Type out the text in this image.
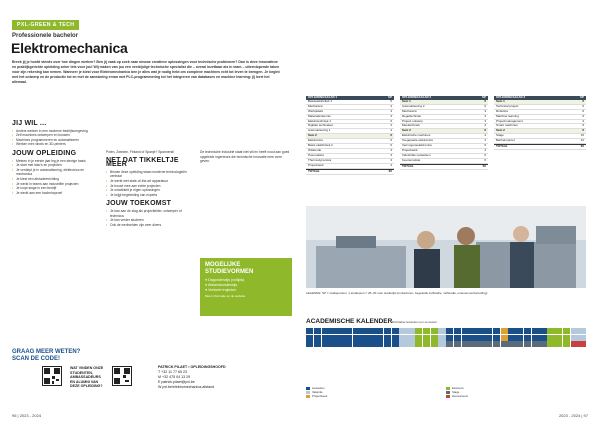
PXL-GREEN & TECH
Professionele bachelor
Elektromechanica
Breek jij je hoofd steeds over hoe dingen werken? Ben jij vaak op zoek naar nieuwe creatieve oplossingen voor technische problemen? Dan is deze innovatieve en praktijkgerichte opleiding zeker iets voor jou! Wij maken van jou een veelzijdige technische specialist die – overal inzetbaar als in team – uiteenlopende taken voor zijn rekening kan nemen. Wanneer je kiest voor Elektromechanica ben je alles wat je nodig hebt om complexe machines echt tot leven te brengen. Je begint met het ontwerp en de productie tot en met de aansturing ervan met PLC-programmering tot het integreren van databases en machine learning: jij leert het allemaal.
JIJ WIL ...
• Anders werken in een moderne bedrijfsomgeving
• Zelf machines ontwerpen en bouwen
• Machines programmeren en automatiseren
• Werken met robots en 3D-printers
JOUW OPLEIDING
• Meteen in je eerste jaar leg je een stevige basis
• Je start met labo's en projecten
• Je verdiept je in automatisering, elektronica en mechanica
• Je kiest een afstudeerrichting
• Je werkt in teams aan industriële projecten
• Je loopt stage in een bedrijf
• Je werkt aan een bachelorproef
Polen, Zweden, Finland of Spanje? Spannend!
NET DAT TIKKELTJE MEER
• Binnen deze opleiding staan moderne technologieën centraal
• Je werkt met state-of-the-art apparatuur
• Je bouwt mee aan echte projecten
• Je ontwikkelt je eigen oplossingen
• Je krijgt begeleiding van experts
JOUW TOEKOMST
• Je kan aan de slag als projectleider, ontwerper of technicus
• Je kan verder studeren
• Ook de werkvelden zijn zeer divers
De technische industrie staat niet stil en heeft nood aan goed opgeleide ingenieurs die technische innovatie mee vorm geven.
MOGELIJKE STUDIEVORMEN
● Dagonderwijs (voltijds)
● Afstandsonderwijs
● Verkorte trajecten
Meer informatie op de website
GRAAG MEER WETEN? SCAN DE CODE!
WAT VINDEN ONZE STUDENTEN, AMBASSADEURS EN ALUMNI VAN DEZE OPLEIDING?
PATRICK PILAET • OPLEIDINGSHOOFD
T +32 11 77 65 23
M +32 475 04 13 29
E patrick.pilaet@pxl.be
W pxl.be/elektromechanica-afstand
96 | 2023 - 2024	2023 - 2024 | 97
OPLEIDINGSJAAR 1	SP
Basiselektriciteit 1	6
Mechanica	3
Werkplaats	3
Materialenkennis	3
Elektrotechniek 1	6
Digitale technieken	4
Automatisering 1	4
Sem 2	6
Elektronica	6
Basis elektriciteit 2	6
Wiskunde	3
Pneumatica	3
Thermodynamica	3
Projectwerk	4
TOTAAL	60
OPLEIDINGSJAAR 2	SP
Sem 1	6
Automatisering 2	6
Mechanica	3
Regeltechniek	3
Project ontwerp	3
Meettechniek	4
Sem 2	6
Elektrische machines	4
Toegepaste elektronica	4
Vermogenselektronica	6
Projectwerk	4
Industriële netwerken	6
Keuzemodule	6
TOTAAL	60
OPLEIDINGSJAAR 3	SP
Sem 1	6
Technical project	6
Robotica	6
Machine learning	6
Projectmanagement	3
Smart machines	6
Sem 2	6
Stage	15
Bachelorproef	12
TOTAAL	60
LEGENDE: SP = studiepunten, 1 studiepunt = 25–30 uren studietijd (contacturen, begeleide zelfstudie, zelfstudie, examenvoorbereiding)
ACADEMISCHE KALENDER Richttabel lesweken per semester
Lesweken	Examens
Vakantie	Stage
Projectweek	Herexamens
